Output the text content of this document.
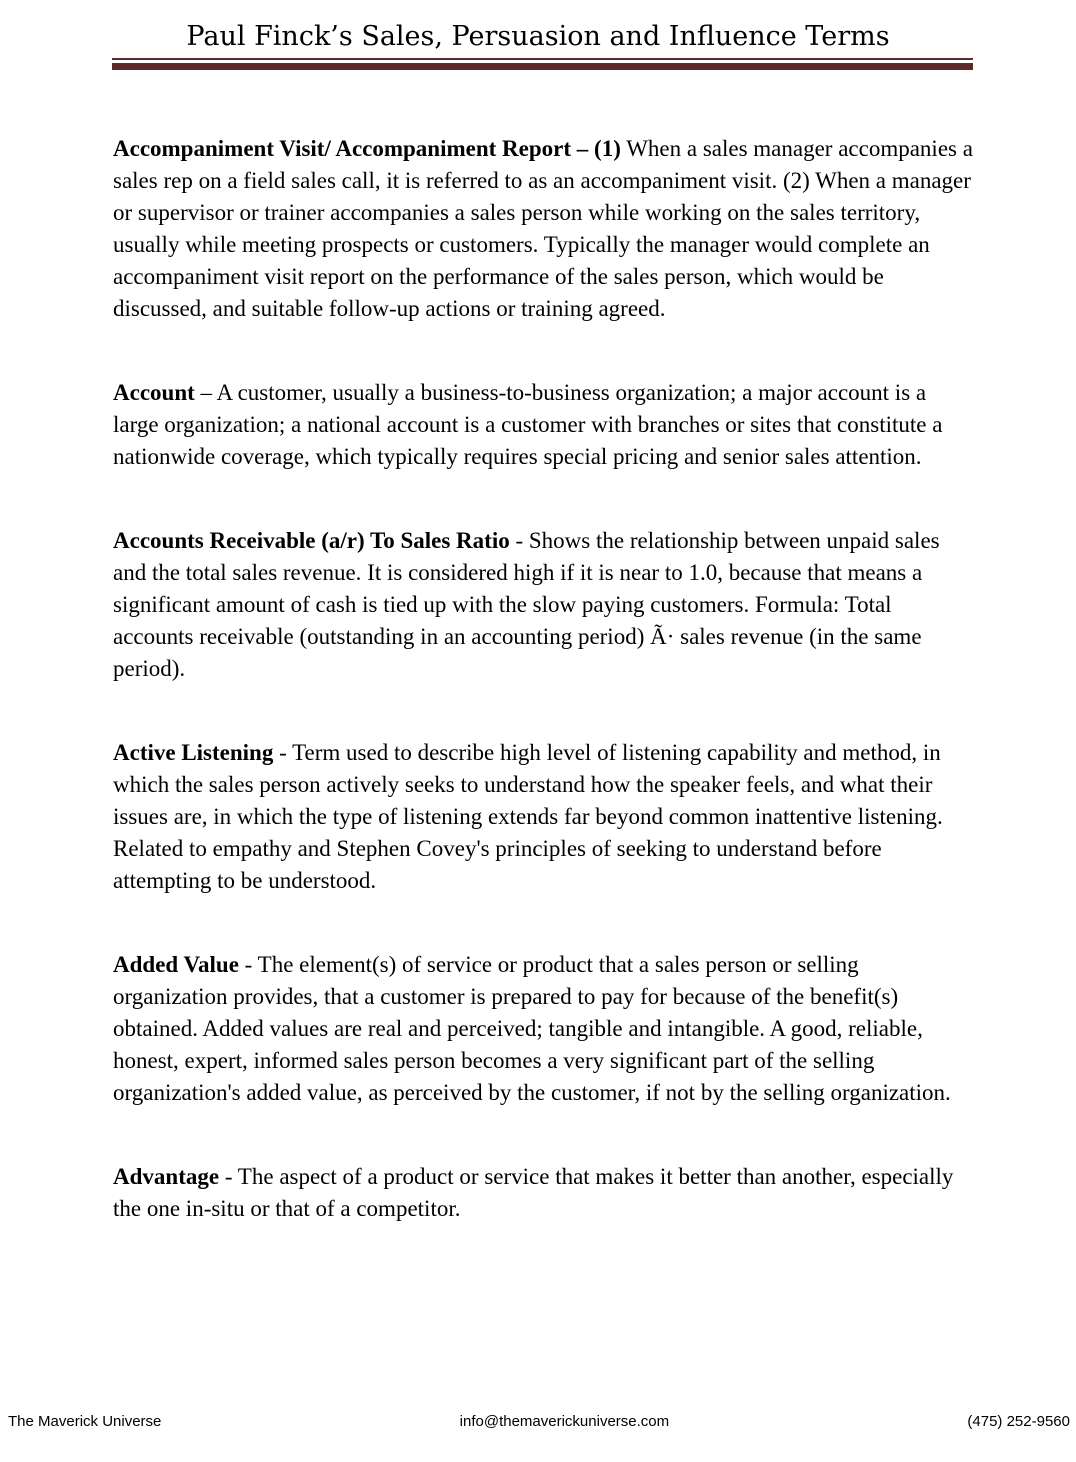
Paul Finck’s Sales, Persuasion and Influence Terms

Accompaniment Visit/ Accompaniment Report – (1) When a sales manager accompanies a sales rep on a field sales call, it is referred to as an accompaniment visit. (2) When a manager or supervisor or trainer accompanies a sales person while working on the sales territory, usually while meeting prospects or customers. Typically the manager would complete an accompaniment visit report on the performance of the sales person, which would be discussed, and suitable follow-up actions or training agreed.

Account – A customer, usually a business-to-business organization; a major account is a large organization; a national account is a customer with branches or sites that constitute a nationwide coverage, which typically requires special pricing and senior sales attention.

Accounts Receivable (a/r) To Sales Ratio - Shows the relationship between unpaid sales and the total sales revenue. It is considered high if it is near to 1.0, because that means a significant amount of cash is tied up with the slow paying customers. Formula: Total accounts receivable (outstanding in an accounting period) Ã· sales revenue (in the same period).

Active Listening - Term used to describe high level of listening capability and method, in which the sales person actively seeks to understand how the speaker feels, and what their issues are, in which the type of listening extends far beyond common inattentive listening. Related to empathy and Stephen Covey's principles of seeking to understand before attempting to be understood.

Added Value - The element(s) of service or product that a sales person or selling organization provides, that a customer is prepared to pay for because of the benefit(s) obtained. Added values are real and perceived; tangible and intangible. A good, reliable, honest, expert, informed sales person becomes a very significant part of the selling organization's added value, as perceived by the customer, if not by the selling organization.

Advantage - The aspect of a product or service that makes it better than another, especially the one in-situ or that of a competitor.

The Maverick Universe	info@themaverickuniverse.com	(475) 252-9560
